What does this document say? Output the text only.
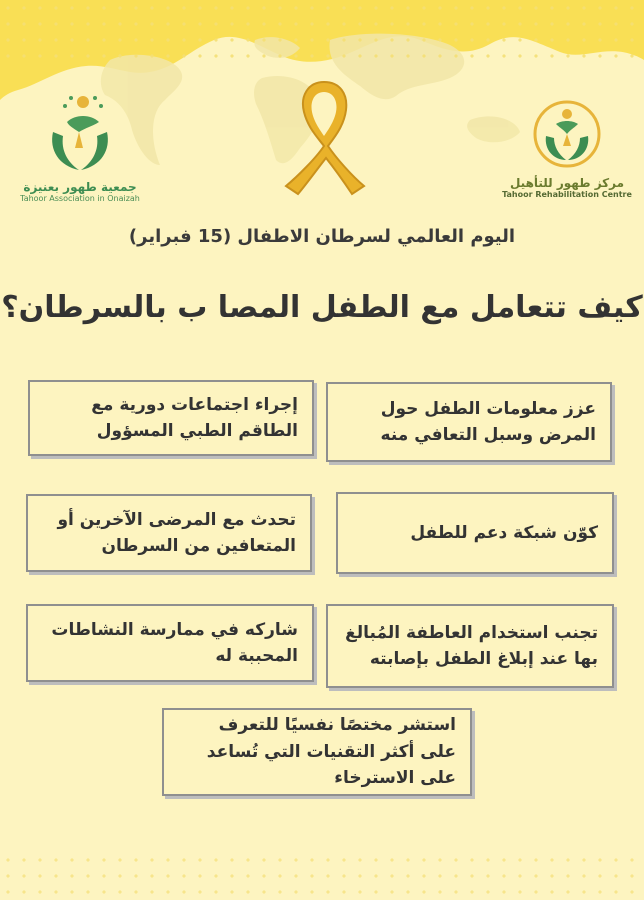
جمعية طهور بعنيزة
Tahoor Association in Onaizah
مركز طهور للتأهيل
Tahoor Rehabilitation Centre
اليوم العالمي لسرطان الاطفال (15 فبراير)
كيف تتعامل مع الطفل المصا ب بالسرطان؟
عزز معلومات الطفل حول المرض وسبل التعافي منه
إجراء اجتماعات دورية مع الطاقم الطبي المسؤول
كوّن شبكة دعم للطفل
تحدث مع المرضى الآخرين أو المتعافين من السرطان
تجنب استخدام العاطفة المُبالغ بها عند إبلاغ الطفل بإصابته
شاركه في ممارسة النشاطات المحببة له
استشر مختصًا نفسيًا للتعرف على أكثر التقنيات التي تُساعد على الاسترخاء
